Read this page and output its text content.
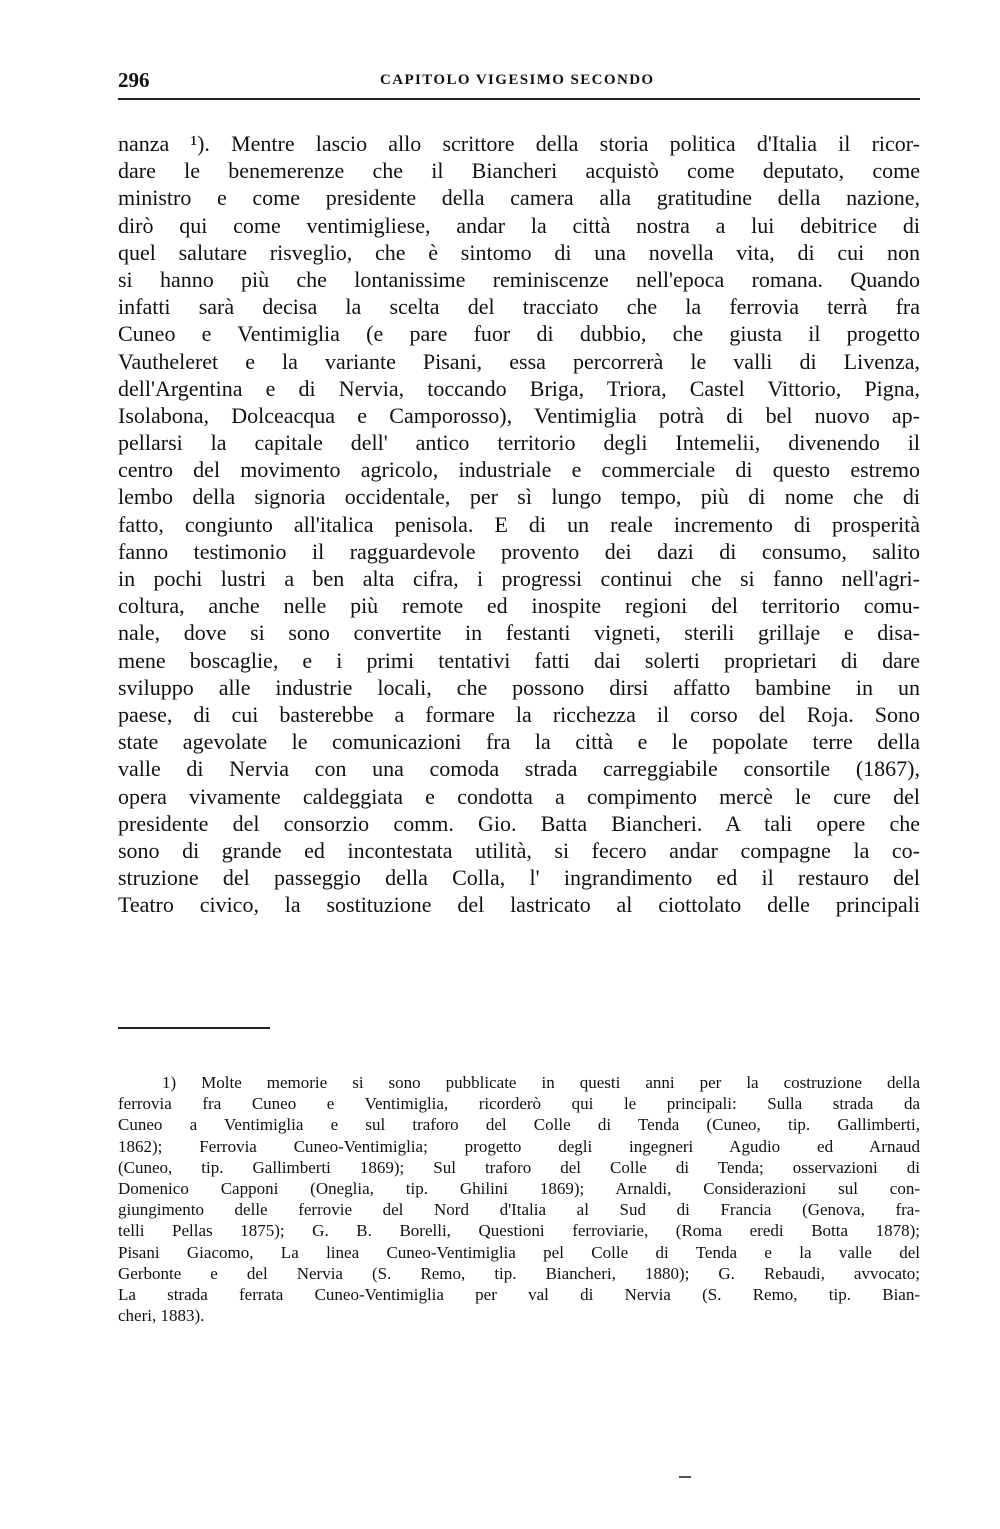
296	CAPITOLO VIGESIMO SECONDO
nanza ¹). Mentre lascio allo scrittore della storia politica d'Italia il ricor-
dare le benemerenze che il Biancheri acquistò come deputato, come
ministro e come presidente della camera alla gratitudine della nazione,
dirò qui come ventimigliese, andar la città nostra a lui debitrice di
quel salutare risveglio, che è sintomo di una novella vita, di cui non
si hanno più che lontanissime reminiscenze nell'epoca romana. Quando
infatti sarà decisa la scelta del tracciato che la ferrovia terrà fra
Cuneo e Ventimiglia (e pare fuor di dubbio, che giusta il progetto
Vautheleret e la variante Pisani, essa percorrerà le valli di Livenza,
dell'Argentina e di Nervia, toccando Briga, Triora, Castel Vittorio, Pigna,
Isolabona, Dolceacqua e Camporosso), Ventimiglia potrà di bel nuovo ap-
pellarsi la capitale dell' antico territorio degli Intemelii, divenendo il
centro del movimento agricolo, industriale e commerciale di questo estremo
lembo della signoria occidentale, per sì lungo tempo, più di nome che di
fatto, congiunto all'italica penisola. E di un reale incremento di prosperità
fanno testimonio il ragguardevole provento dei dazi di consumo, salito
in pochi lustri a ben alta cifra, i progressi continui che si fanno nell'agri-
coltura, anche nelle più remote ed inospite regioni del territorio comu-
nale, dove si sono convertite in festanti vigneti, sterili grillaje e disa-
mene boscaglie, e i primi tentativi fatti dai solerti proprietari di dare
sviluppo alle industrie locali, che possono dirsi affatto bambine in un
paese, di cui basterebbe a formare la ricchezza il corso del Roja. Sono
state agevolate le comunicazioni fra la città e le popolate terre della
valle di Nervia con una comoda strada carreggiabile consortile (1867),
opera vivamente caldeggiata e condotta a compimento mercè le cure del
presidente del consorzio comm. Gio. Batta Biancheri. A tali opere che
sono di grande ed incontestata utilità, si fecero andar compagne la co-
struzione del passeggio della Colla, l' ingrandimento ed il restauro del
Teatro civico, la sostituzione del lastricato al ciottolato delle principali
1) Molte memorie si sono pubblicate in questi anni per la costruzione della
ferrovia fra Cuneo e Ventimiglia, ricorderò qui le principali: Sulla strada da
Cuneo a Ventimiglia e sul traforo del Colle di Tenda (Cuneo, tip. Gallimberti,
1862); Ferrovia Cuneo-Ventimiglia; progetto degli ingegneri Agudio ed Arnaud
(Cuneo, tip. Gallimberti 1869); Sul traforo del Colle di Tenda; osservazioni di
Domenico Capponi (Oneglia, tip. Ghilini 1869); Arnaldi, Considerazioni sul con-
giungimento delle ferrovie del Nord d'Italia al Sud di Francia (Genova, fra-
telli Pellas 1875); G. B. Borelli, Questioni ferroviarie, (Roma eredi Botta 1878);
Pisani Giacomo, La linea Cuneo-Ventimiglia pel Colle di Tenda e la valle del
Gerbonte e del Nervia (S. Remo, tip. Biancheri, 1880); G. Rebaudi, avvocato;
La strada ferrata Cuneo-Ventimiglia per val di Nervia (S. Remo, tip. Bian-
cheri, 1883).
